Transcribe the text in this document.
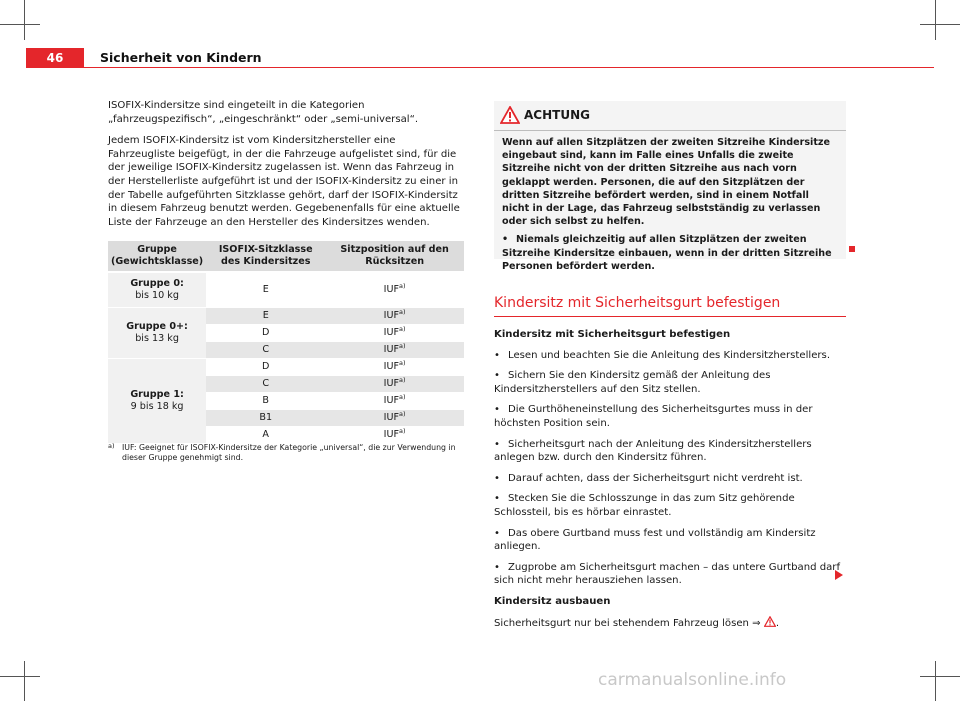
46	Sicherheit von Kindern

ISOFIX-Kindersitze sind eingeteilt in die Kategorien „fahrzeugspezifisch“, „eingeschränkt“ oder „semi-universal“.

Jedem ISOFIX-Kindersitz ist vom Kindersitzhersteller eine Fahrzeugliste beigefügt, in der die Fahrzeuge aufgelistet sind, für die der jeweilige ISOFIX-Kindersitz zugelassen ist. Wenn das Fahrzeug in der Herstellerliste aufgeführt ist und der ISOFIX-Kindersitz zu einer in der Tabelle aufgeführten Sitzklasse gehört, darf der ISOFIX-Kindersitz in diesem Fahrzeug benutzt werden. Gegebenenfalls für eine aktuelle Liste der Fahrzeuge an den Hersteller des Kindersitzes wenden.

Gruppe (Gewichtsklasse)	ISOFIX-Sitzklasse des Kindersitzes	Sitzposition auf den Rücksitzen
Gruppe 0:
bis 10 kg	E	IUF$^{a)}$
Gruppe 0+:
bis 13 kg	E	IUF$^{a)}$
	D	IUF$^{a)}$
	C	IUF$^{a)}$
Gruppe 1:
9 bis 18 kg	D	IUF$^{a)}$
	C	IUF$^{a)}$
	B	IUF$^{a)}$
	B1	IUF$^{a)}$
	A	IUF$^{a)}$
a) IUF: Geeignet für ISOFIX-Kindersitze der Kategorie „universal“, die zur Verwendung in dieser Gruppe genehmigt sind.
ACHTUNG

Wenn auf allen Sitzplätzen der zweiten Sitzreihe Kindersitze eingebaut sind, kann im Falle eines Unfalls die zweite Sitzreihe nicht von der dritten Sitzreihe aus nach vorn geklappt werden. Personen, die auf den Sitzplätzen der dritten Sitzreihe befördert werden, sind in einem Notfall nicht in der Lage, das Fahrzeug selbstständig zu verlassen oder sich selbst zu helfen.

• Niemals gleichzeitig auf allen Sitzplätzen der zweiten Sitzreihe Kindersitze einbauen, wenn in der dritten Sitzreihe Personen befördert werden.

Kindersitz mit Sicherheitsgurt befestigen

Kindersitz mit Sicherheitsgurt befestigen

• Lesen und beachten Sie die Anleitung des Kindersitzherstellers.

• Sichern Sie den Kindersitz gemäß der Anleitung des Kindersitzherstellers auf den Sitz stellen.

• Die Gurthöheneinstellung des Sicherheitsgurtes muss in der höchsten Position sein.

• Sicherheitsgurt nach der Anleitung des Kindersitzherstellers anlegen bzw. durch den Kindersitz führen.

• Darauf achten, dass der Sicherheitsgurt nicht verdreht ist.

• Stecken Sie die Schlosszunge in das zum Sitz gehörende Schlossteil, bis es hörbar einrastet.

• Das obere Gurtband muss fest und vollständig am Kindersitz anliegen.

• Zugprobe am Sicherheitsgurt machen – das untere Gurtband darf sich nicht mehr herausziehen lassen.

Kindersitz ausbauen

Sicherheitsgurt nur bei stehendem Fahrzeug lösen ⇒ .

carmanualsonline.info
